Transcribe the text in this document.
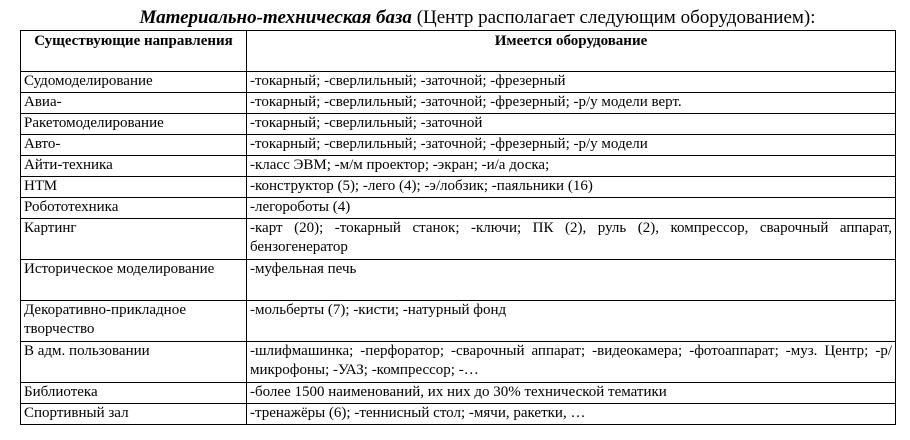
Материально-техническая база (Центр располагает следующим оборудованием):
Существующие направления	Имеется оборудование
Судомоделирование	-токарный; -сверлильный; -заточной; -фрезерный
Авиа-	-токарный; -сверлильный; -заточной; -фрезерный; -р/у модели верт.
Ракетомоделирование	-токарный; -сверлильный; -заточной
Авто-	-токарный; -сверлильный; -заточной; -фрезерный; -р/у модели
Айти-техника	-класс ЭВМ; -м/м проектор; -экран; -и/а доска;
НТМ	-конструктор (5); -лего (4); -э/лобзик; -паяльники (16)
Робототехника	-легороботы (4)
Картинг	-карт (20); -токарный станок; -ключи; ПК (2), руль (2), компрессор, сварочный аппарат, бензогенератор
Историческое моделирование	-муфельная печь
Декоративно-прикладное творчество	-мольберты (7); -кисти; -натурный фонд
В адм. пользовании	-шлифмашинка; -перфоратор; -сварочный аппарат; -видеокамера; -фотоаппарат; -муз. Центр; -р/микрофоны; -УАЗ; -компрессор; -…
Библиотека	-более 1500 наименований, их них до 30% технической тематики
Спортивный зал	-тренажёры (6); -теннисный стол; -мячи, ракетки, …
